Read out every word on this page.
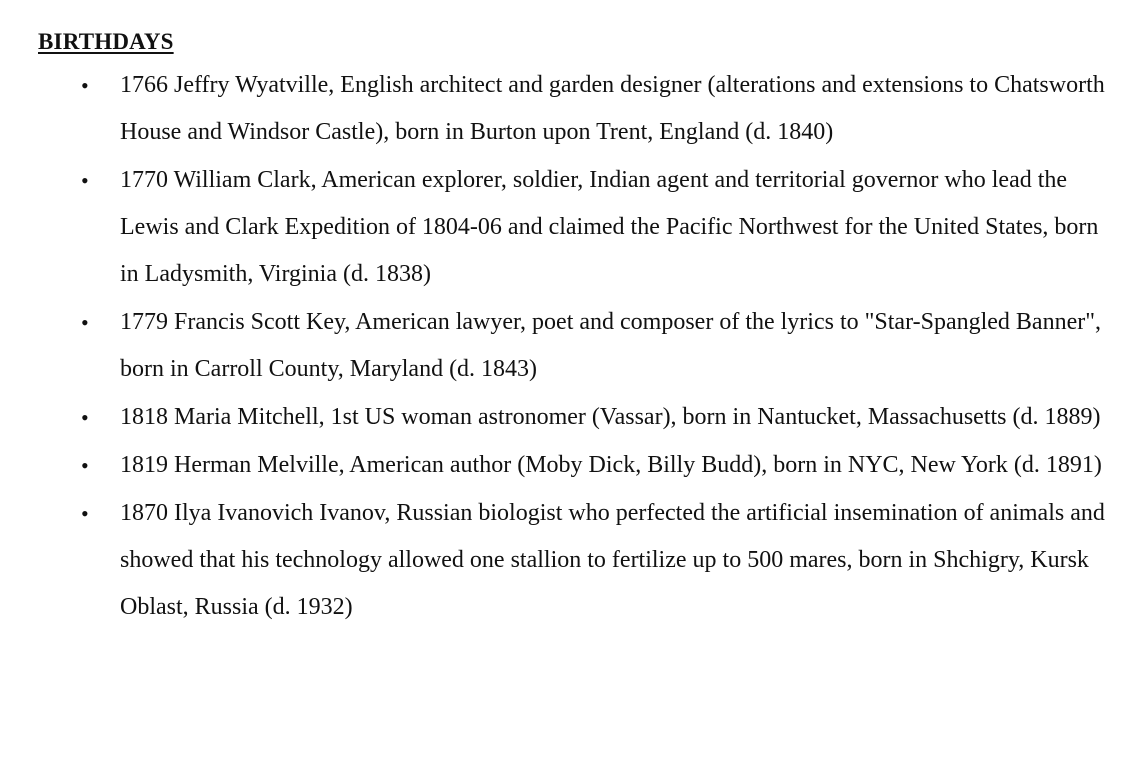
BIRTHDAYS
• 1766 Jeffry Wyatville, English architect and garden designer (alterations and extensions to Chatsworth House and Windsor Castle), born in Burton upon Trent, England (d. 1840)
• 1770 William Clark, American explorer, soldier, Indian agent and territorial governor who lead the Lewis and Clark Expedition of 1804-06 and claimed the Pacific Northwest for the United States, born in Ladysmith, Virginia (d. 1838)
• 1779 Francis Scott Key, American lawyer, poet and composer of the lyrics to "Star-Spangled Banner", born in Carroll County, Maryland (d. 1843)
• 1818 Maria Mitchell, 1st US woman astronomer (Vassar), born in Nantucket, Massachusetts (d. 1889)
• 1819 Herman Melville, American author (Moby Dick, Billy Budd), born in NYC, New York (d. 1891)
• 1870 Ilya Ivanovich Ivanov, Russian biologist who perfected the artificial insemination of animals and showed that his technology allowed one stallion to fertilize up to 500 mares, born in Shchigry, Kursk Oblast, Russia (d. 1932)
